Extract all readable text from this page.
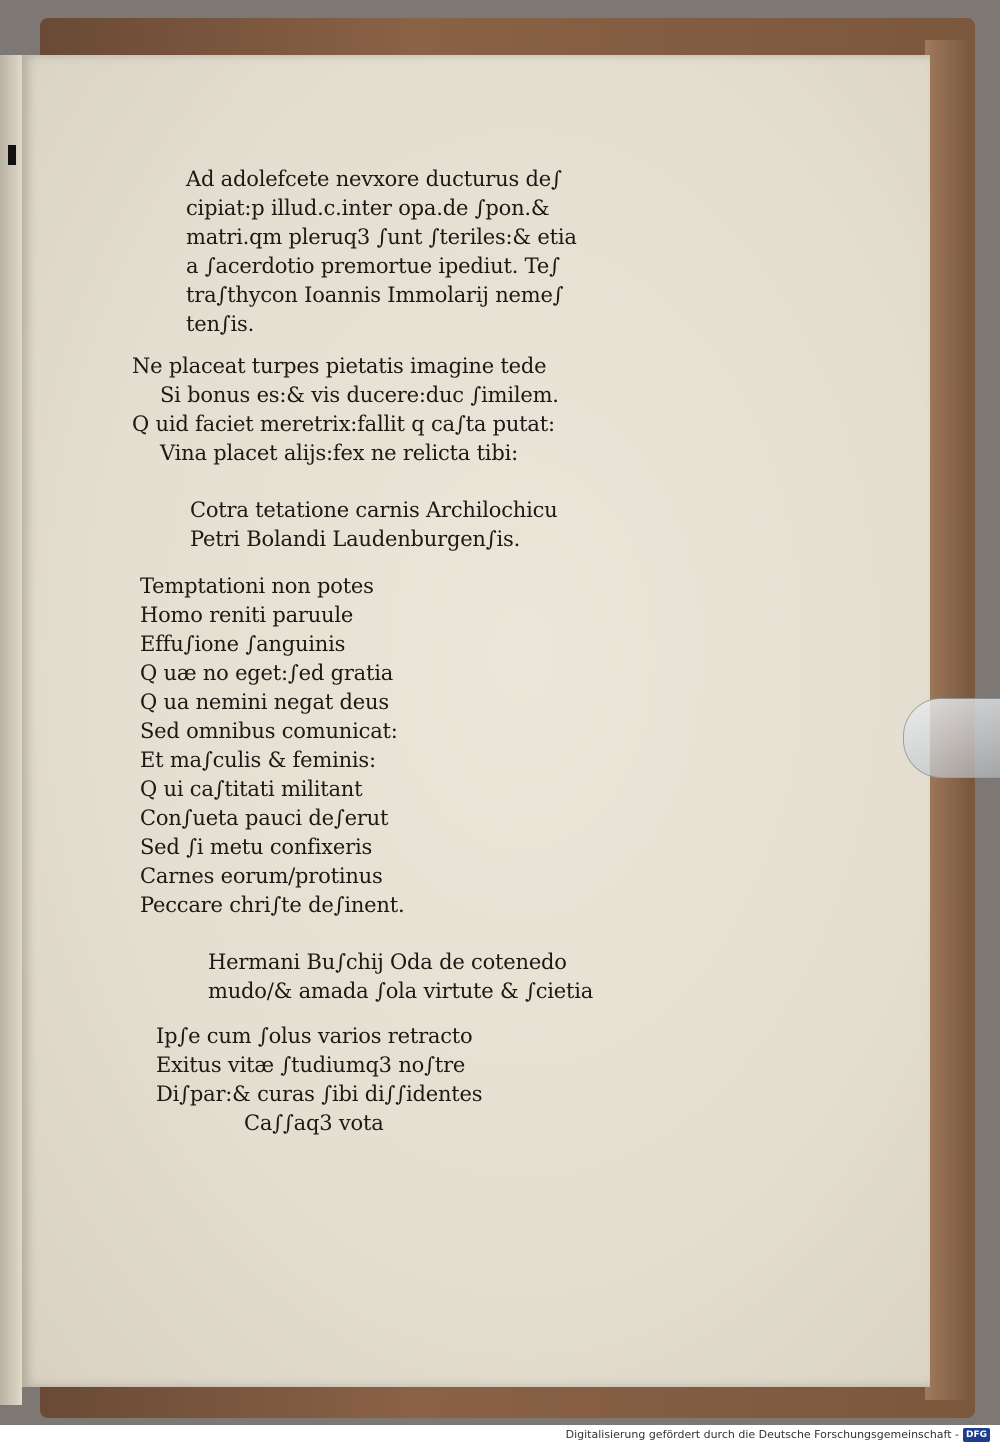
Ad adolefcete nevxore ducturus de∫
cipiat:p illud.c.inter opa.de ∫pon.&
matri.qm pleruq3 ∫unt ∫teriles:& etia
a ∫acerdotio premortue ipediut. Te∫
tra∫thycon Ioannis Immolarij neme∫
ten∫is.
Ne placeat turpes pietatis imagine tede
Si bonus es:& vis ducere:duc ∫imilem.
Q uid faciet meretrix:fallit q ca∫ta putat:
Vina placet alijs:fex ne relicta tibi:
Cotra tetatione carnis Archilochicu
Petri Bolandi Laudenburgen∫is.
Temptationi non potes
Homo reniti paruule
Effu∫ione ∫anguinis
Q uæ no eget:∫ed gratia
Q ua nemini negat deus
Sed omnibus comunicat:
Et ma∫culis & feminis:
Q ui ca∫titati militant
Con∫ueta pauci de∫erut
Sed ∫i metu confixeris
Carnes eorum/protinus
Peccare chri∫te de∫inent.
Hermani Bu∫chij Oda de cotenedo
mudo/& amada ∫ola virtute & ∫cietia
Ip∫e cum ∫olus varios retracto
Exitus vitæ ∫tudiumq3 no∫tre
Di∫par:& curas ∫ibi di∫∫identes
Ca∫∫aq3 vota
Digitalisierung gefördert durch die Deutsche Forschungsgemeinschaft - DFG
